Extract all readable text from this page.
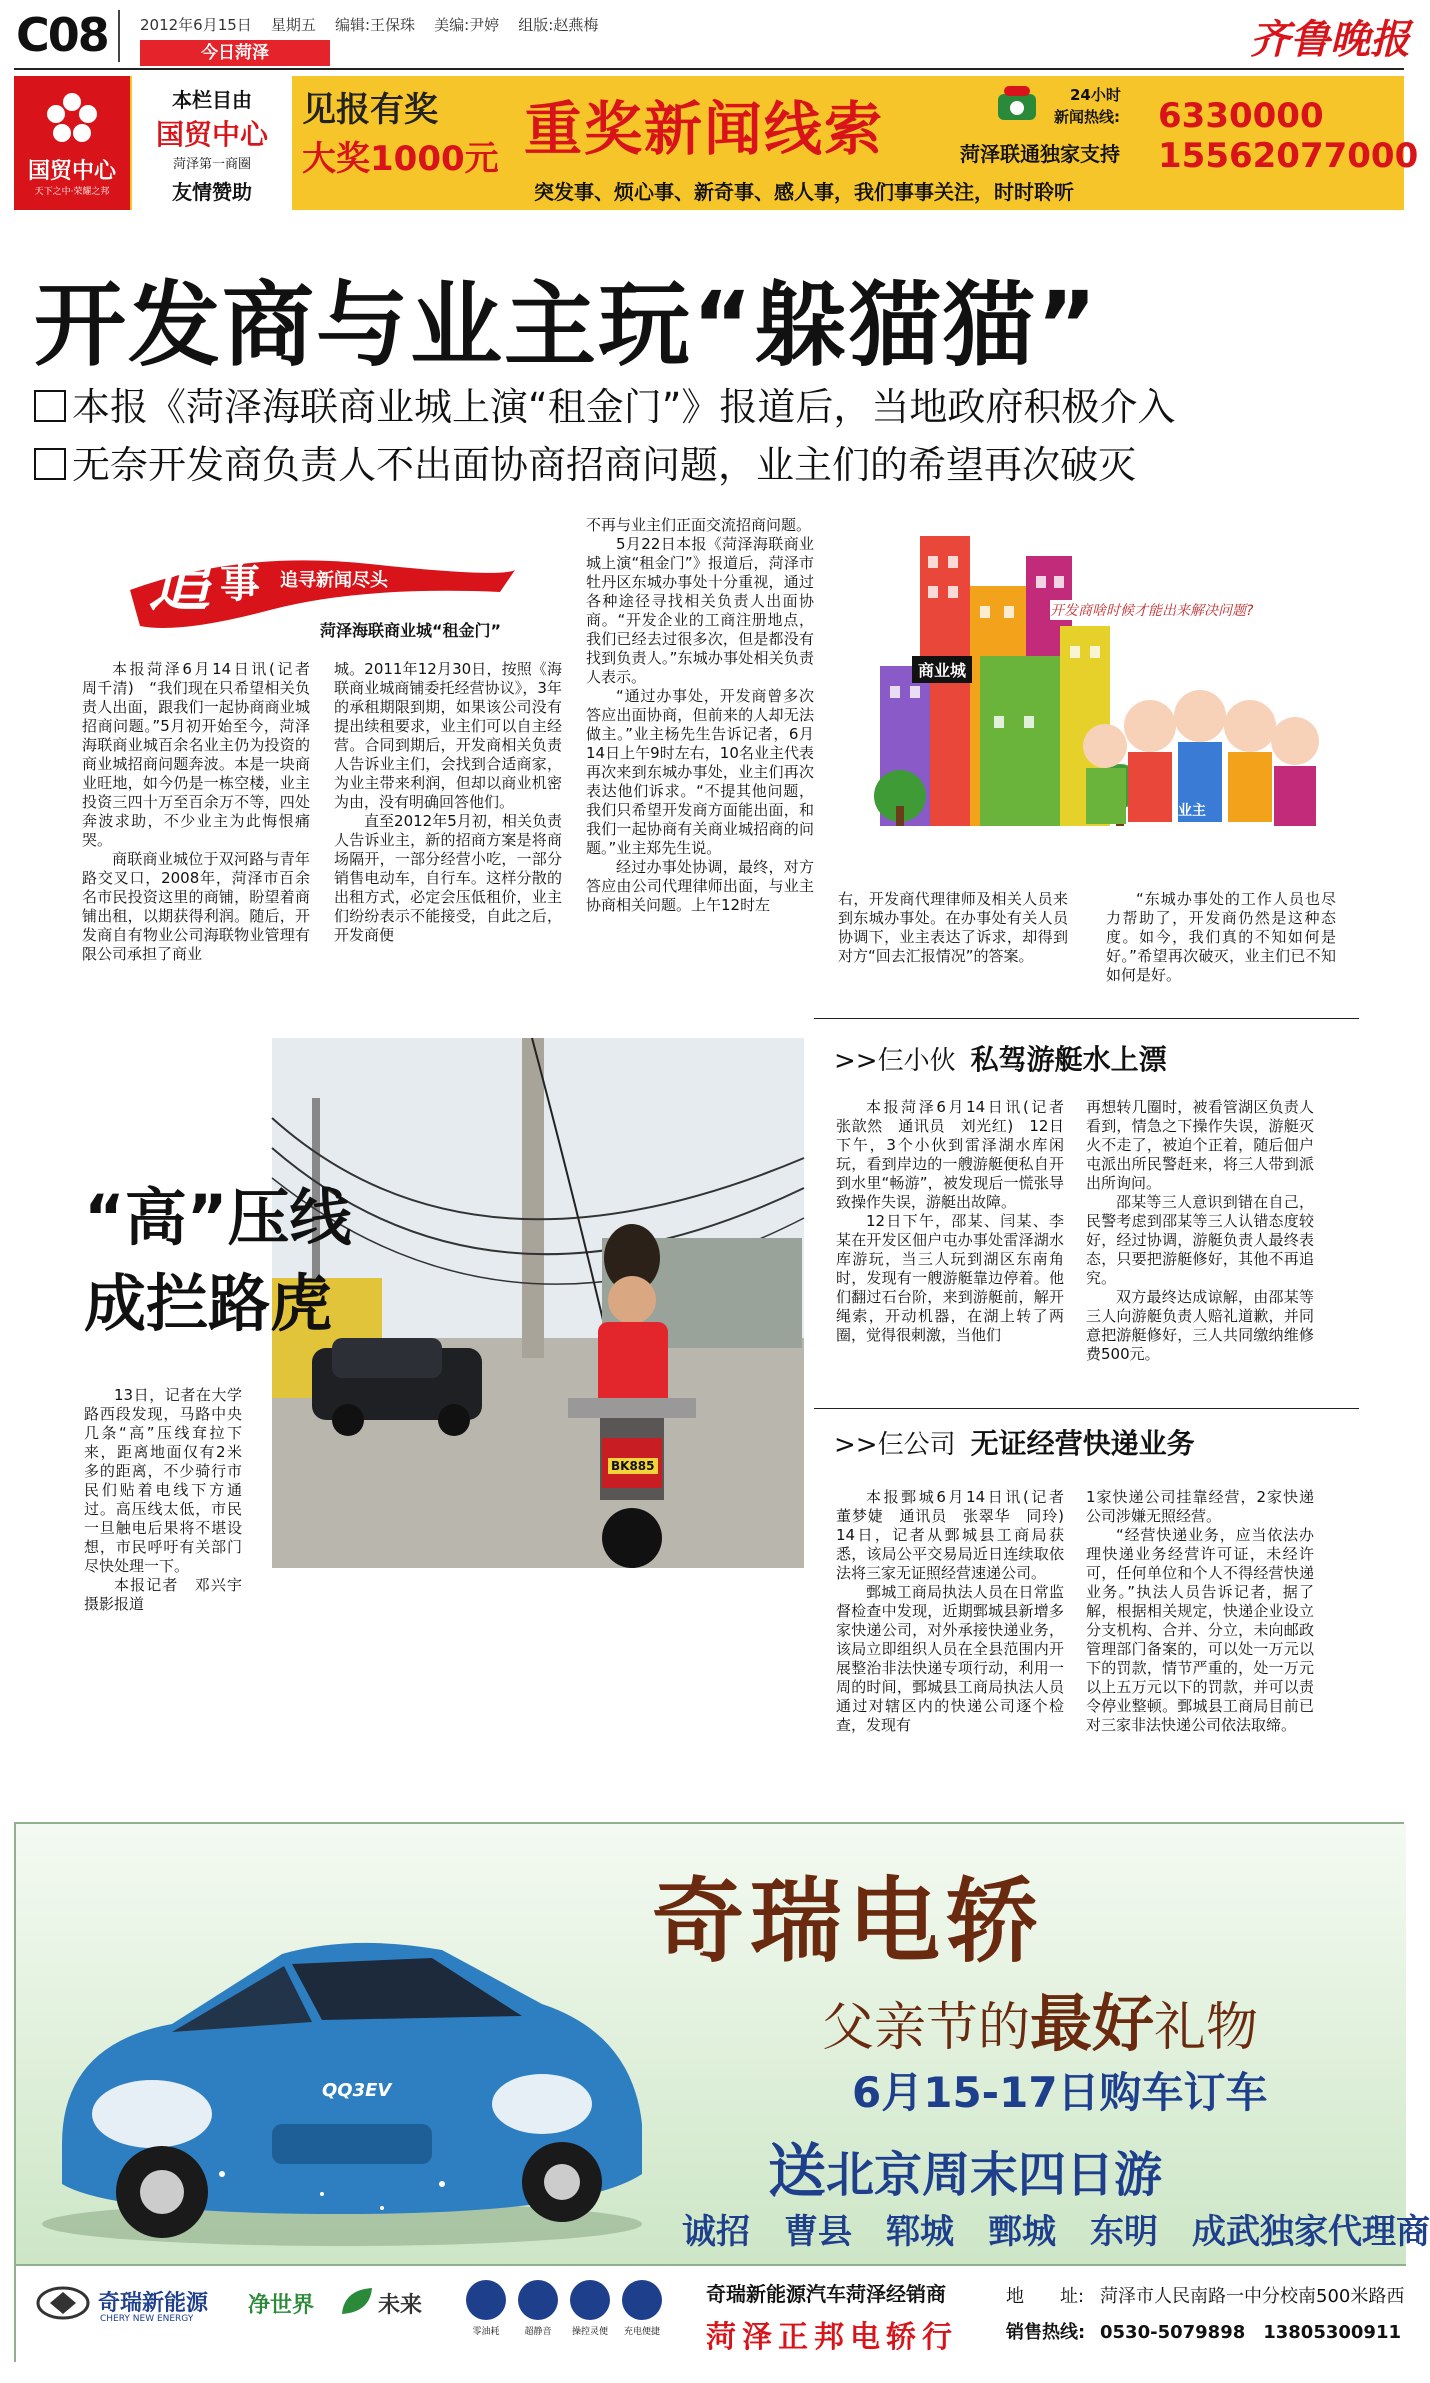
C08 2012年6月15日 星期五 编辑:王保珠 美编:尹婷 组版:赵燕梅
今日菏泽	齐鲁晚报
国贸中心
天下之中·荣耀之邦
本栏目由
国贸中心
菏泽第一商圈
友情赞助
见报有奖
大奖1000元 重奖新闻线索	菏泽联通独家支持
突发事、烦心事、新奇事、感人事，我们事事关注，时时聆听
24小时
新闻热线: 6330000
15562077000
开发商与业主玩“躲猫猫”
本报《菏泽海联商业城上演“租金门”》报道后，当地政府积极介入
无奈开发商负责人不出面协商招商问题，业主们的希望再次破灭
追 事 追寻新闻尽头
菏泽海联商业城“租金门”

本报菏泽6月14日讯(记者　周千清)　“我们现在只希望相关负责人出面，跟我们一起协商商业城招商问题。”5月初开始至今，菏泽海联商业城百余名业主仍为投资的商业城招商问题奔波。本是一块商业旺地，如今仍是一栋空楼，业主投资三四十万至百余万不等，四处奔波求助，不少业主为此悔恨痛哭。

商联商业城位于双河路与青年路交叉口，2008年，菏泽市百余名市民投资这里的商铺，盼望着商铺出租，以期获得利润。随后，开发商自有物业公司海联物业管理有限公司承担了商业

城。2011年12月30日，按照《海联商业城商铺委托经营协议》，3年的承租期限到期，如果该公司没有提出续租要求，业主们可以自主经营。合同到期后，开发商相关负责人告诉业主们，会找到合适商家，为业主带来利润，但却以商业机密为由，没有明确回答他们。

直至2012年5月初，相关负责人告诉业主，新的招商方案是将商场隔开，一部分经营小吃，一部分销售电动车，自行车。这样分散的出租方式，必定会压低租价，业主们纷纷表示不能接受，自此之后，开发商便

不再与业主们正面交流招商问题。

5月22日本报《菏泽海联商业城上演“租金门”》报道后，菏泽市牡丹区东城办事处十分重视，通过各种途径寻找相关负责人出面协商。“开发企业的工商注册地点，我们已经去过很多次，但是都没有找到负责人。”东城办事处相关负责人表示。

“通过办事处，开发商曾多次答应出面协商，但前来的人却无法做主。”业主杨先生告诉记者，6月14日上午9时左右，10名业主代表再次来到东城办事处，业主们再次表达他们诉求。“不提其他问题，我们只希望开发商方面能出面，和我们一起协商有关商业城招商的问题。”业主郑先生说。

经过办事处协调，最终，对方答应由公司代理律师出面，与业主协商相关问题。上午12时左	右，开发商代理律师及相关人员来到东城办事处。在办事处有关人员协调下，业主表达了诉求，却得到对方“回去汇报情况”的答案。

“东城办事处的工作人员也尽力帮助了，开发商仍然是这种态度。如今，我们真的不知如何是好。”希望再次破灭，业主们已不知如何是好。

开发商啥时候才能出来解决问题?
商业城
业主
BK885
“高”压线
成拦路虎

13日，记者在大学路西段发现，马路中央几条“高”压线耷拉下来，距离地面仅有2米多的距离，不少骑行市民们贴着电线下方通过。高压线太低，市民一旦触电后果将不堪设想，市民呼吁有关部门尽快处理一下。

本报记者　邓兴宇　摄影报道

>>仨小伙 私驾游艇水上漂

本报菏泽6月14日讯(记者　张歆然　通讯员　刘光红)　12日下午，3个小伙到雷泽湖水库闲玩，看到岸边的一艘游艇便私自开到水里“畅游”，被发现后一慌张导致操作失误，游艇出故障。

12日下午，邵某、闫某、李某在开发区佃户屯办事处雷泽湖水库游玩，当三人玩到湖区东南角时，发现有一艘游艇靠边停着。他们翻过石台阶，来到游艇前，解开绳索，开动机器，在湖上转了两圈，觉得很刺激，当他们

再想转几圈时，被看管湖区负责人看到，情急之下操作失误，游艇灭火不走了，被迫个正着，随后佃户屯派出所民警赶来，将三人带到派出所询问。

邵某等三人意识到错在自己，民警考虑到邵某等三人认错态度较好，经过协调，游艇负责人最终表态，只要把游艇修好，其他不再追究。

双方最终达成谅解，由邵某等三人向游艇负责人赔礼道歉，并同意把游艇修好，三人共同缴纳维修费500元。

>>仨公司 无证经营快递业务

本报鄄城6月14日讯(记者　董梦婕　通讯员　张翠华　同玲)　14日，记者从鄄城县工商局获悉，该局公平交易局近日连续取依法将三家无证照经营速递公司。

鄄城工商局执法人员在日常监督检查中发现，近期鄄城县新增多家快递公司，对外承接快递业务，该局立即组织人员在全县范围内开展整治非法快递专项行动，利用一周的时间，鄄城县工商局执法人员通过对辖区内的快递公司逐个检查，发现有

1家快递公司挂靠经营，2家快递公司涉嫌无照经营。

“经营快递业务，应当依法办理快递业务经营许可证，未经许可，任何单位和个人不得经营快递业务。”执法人员告诉记者，据了解，根据相关规定，快递企业设立分支机构、合并、分立，未向邮政管理部门备案的，可以处一万元以下的罚款，情节严重的，处一万元以上五万元以下的罚款，并可以责令停业整顿。鄄城县工商局目前已对三家非法快递公司依法取缔。

奇瑞电轿
父亲节的最好礼物
6月15-17日购车订车
送北京周末四日游
诚招　曹县　郓城　鄄城　东明　成武独家代理商
QQ3EV
奇瑞新能源
CHERY NEW ENERGY
净世界	未来
零油耗	超静音	操控灵便	充电便捷
奇瑞新能源汽车菏泽经销商
菏泽正邦电轿行
地　　址: 菏泽市人民南路一中分校南500米路西
销售热线: 0530-5079898　13805300911
